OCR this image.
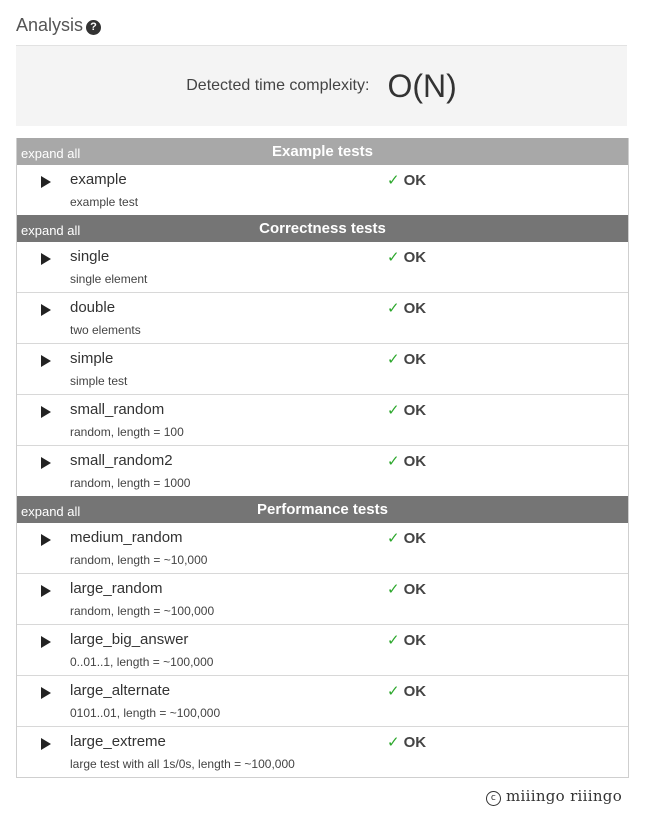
Analysis ?
Detected time complexity: O(N)
expand all	Example tests
example
example test
✓ OK
expand all	Correctness tests
single
single element
✓ OK
double
two elements
✓ OK
simple
simple test
✓ OK
small_random
random, length = 100
✓ OK
small_random2
random, length = 1000
✓ OK
expand all	Performance tests
medium_random
random, length = ~10,000
✓ OK
large_random
random, length = ~100,000
✓ OK
large_big_answer
0..01..1, length = ~100,000
✓ OK
large_alternate
0101..01, length = ~100,000
✓ OK
large_extreme
large test with all 1s/0s, length = ~100,000
✓ OK
c miiingo riiingo
